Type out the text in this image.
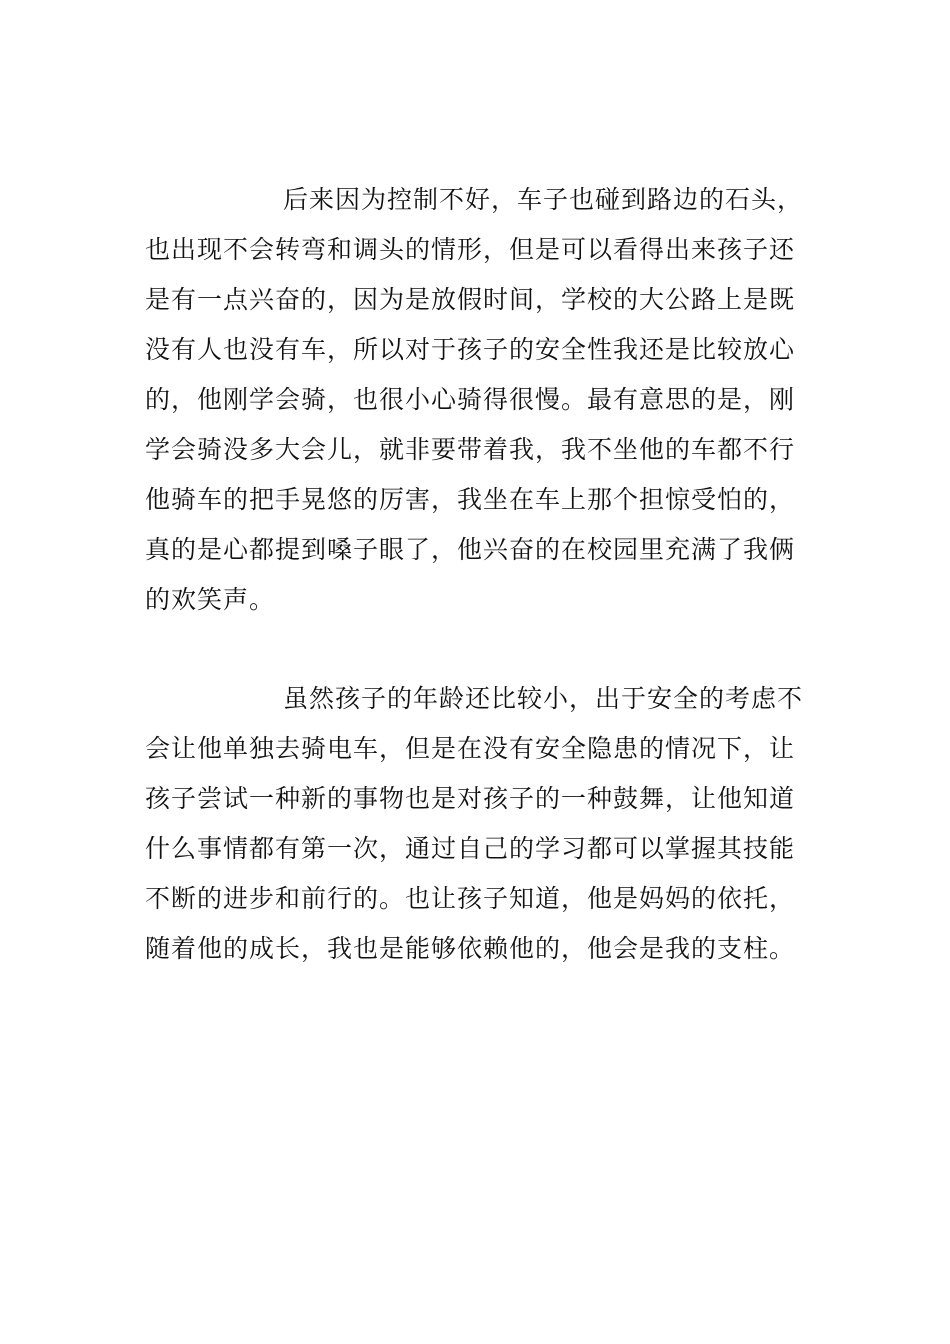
后来因为控制不好，车子也碰到路边的石头，
也出现不会转弯和调头的情形，但是可以看得出来孩子还
是有一点兴奋的，因为是放假时间，学校的大公路上是既
没有人也没有车，所以对于孩子的安全性我还是比较放心
的，他刚学会骑，也很小心骑得很慢。最有意思的是，刚
学会骑没多大会儿，就非要带着我，我不坐他的车都不行
他骑车的把手晃悠的厉害，我坐在车上那个担惊受怕的，
真的是心都提到嗓子眼了，他兴奋的在校园里充满了我俩
的欢笑声。
虽然孩子的年龄还比较小，出于安全的考虑不
会让他单独去骑电车，但是在没有安全隐患的情况下，让
孩子尝试一种新的事物也是对孩子的一种鼓舞，让他知道
什么事情都有第一次，通过自己的学习都可以掌握其技能
不断的进步和前行的。也让孩子知道，他是妈妈的依托，
随着他的成长，我也是能够依赖他的，他会是我的支柱。
